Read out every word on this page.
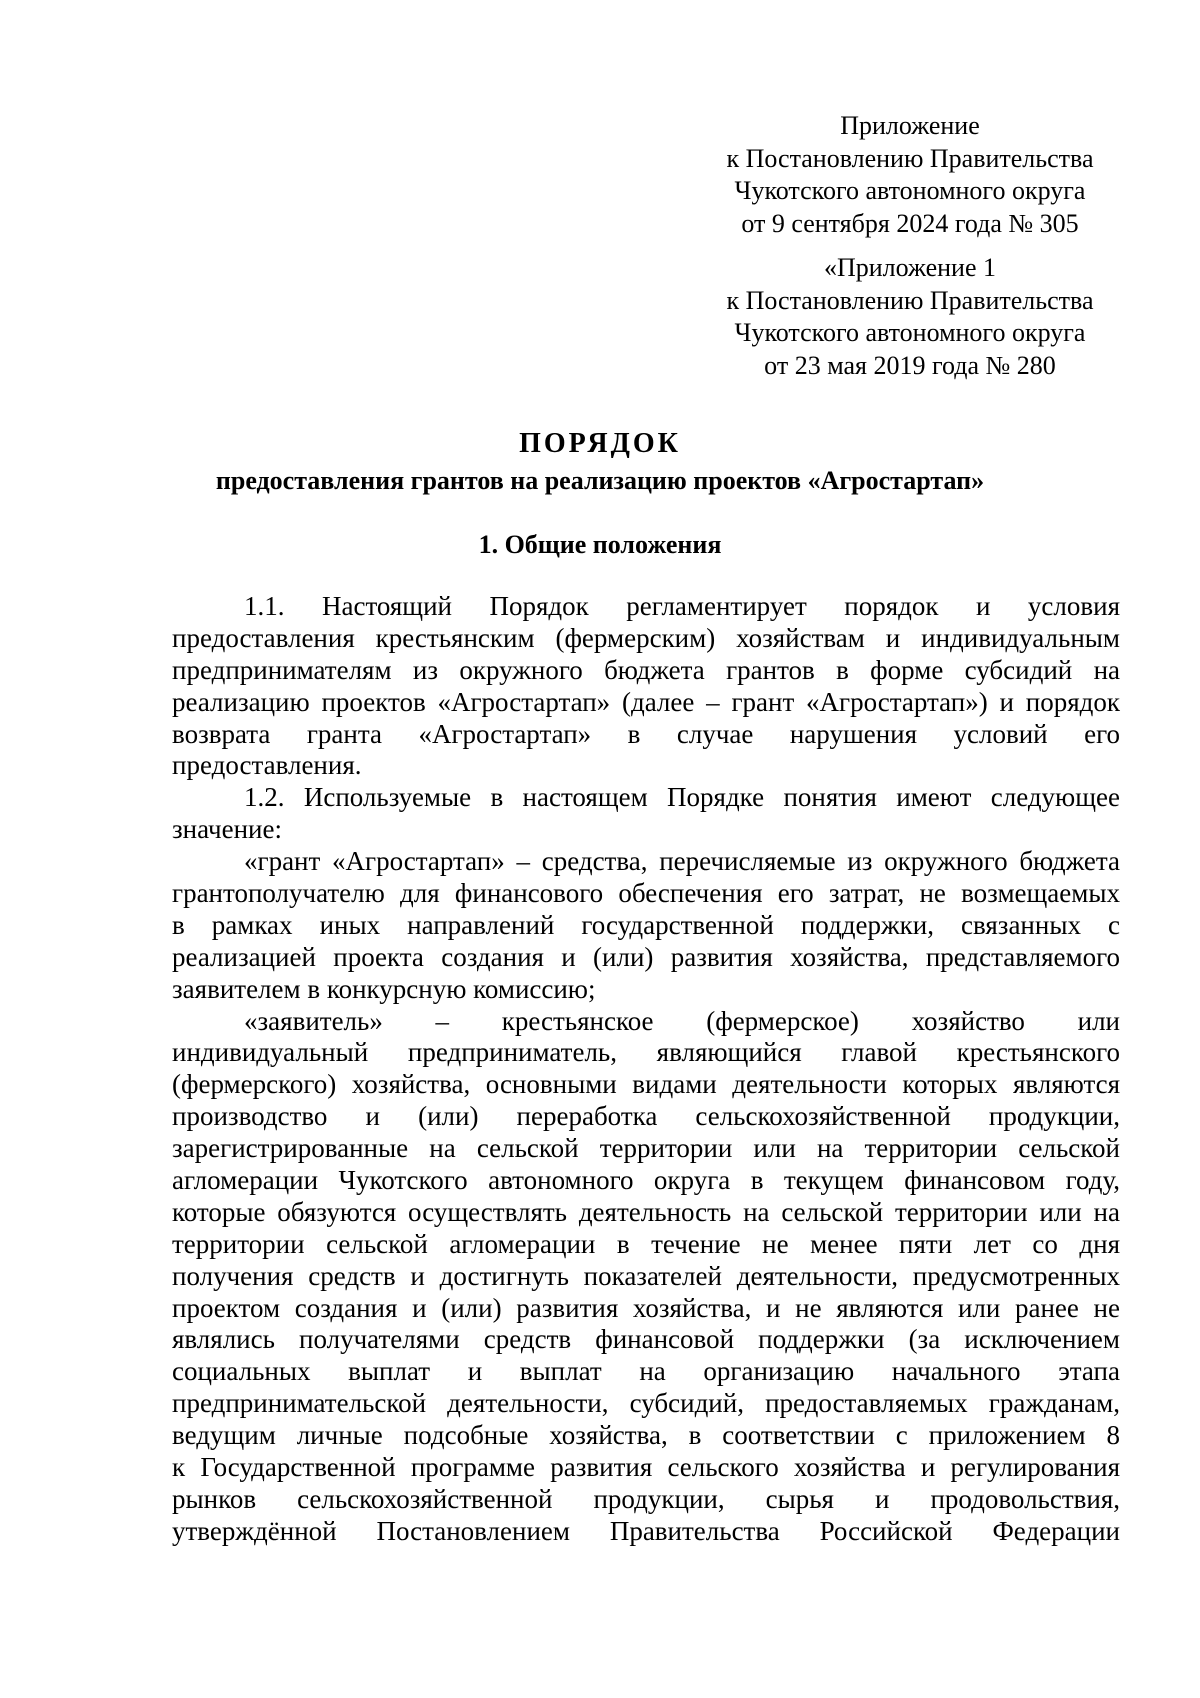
Приложение
к Постановлению Правительства
Чукотского автономного округа
от 9 сентября 2024 года № 305
«Приложение 1
к Постановлению Правительства
Чукотского автономного округа
от 23 мая 2019 года № 280
ПОРЯДОК
предоставления грантов на реализацию проектов «Агростартап»
1. Общие положения
1.1. Настоящий Порядок регламентирует порядок и условия
предоставления крестьянским (фермерским) хозяйствам и индивидуальным
предпринимателям из окружного бюджета грантов в форме субсидий на
реализацию проектов «Агростартап» (далее – грант «Агростартап») и порядок
возврата гранта «Агростартап» в случае нарушения условий его
предоставления.
1.2. Используемые в настоящем Порядке понятия имеют следующее
значение:
«грант «Агростартап» – средства, перечисляемые из окружного бюджета
грантополучателю для финансового обеспечения его затрат, не возмещаемых
в рамках иных направлений государственной поддержки, связанных с
реализацией проекта создания и (или) развития хозяйства, представляемого
заявителем в конкурсную комиссию;
«заявитель» – крестьянское (фермерское) хозяйство или
индивидуальный предприниматель, являющийся главой крестьянского
(фермерского) хозяйства, основными видами деятельности которых являются
производство и (или) переработка сельскохозяйственной продукции,
зарегистрированные на сельской территории или на территории сельской
агломерации Чукотского автономного округа в текущем финансовом году,
которые обязуются осуществлять деятельность на сельской территории или на
территории сельской агломерации в течение не менее пяти лет со дня
получения средств и достигнуть показателей деятельности, предусмотренных
проектом создания и (или) развития хозяйства, и не являются или ранее не
являлись получателями средств финансовой поддержки (за исключением
социальных выплат и выплат на организацию начального этапа
предпринимательской деятельности, субсидий, предоставляемых гражданам,
ведущим личные подсобные хозяйства, в соответствии с приложением 8
к Государственной программе развития сельского хозяйства и регулирования
рынков сельскохозяйственной продукции, сырья и продовольствия,
утверждённой Постановлением Правительства Российской Федерации
